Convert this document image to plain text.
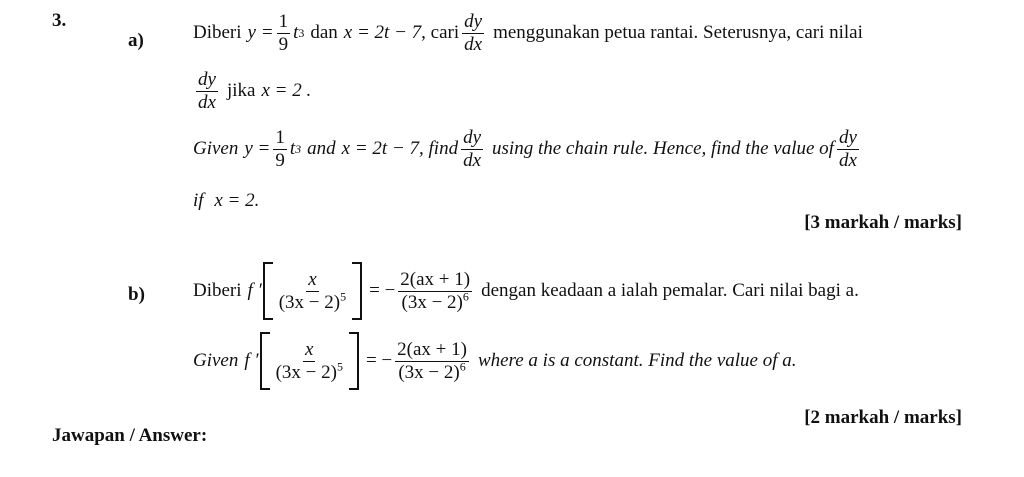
3.
a)	Diberi $y = \frac{1}{9}$ t 3 dan x = 2t − 7 , cari $\frac{dy}{dx}$ menggunakan petua rantai. Seterusnya, cari nilai
$\frac{dy}{dx}$ jika x = 2 .
Given $y = \frac{1}{9}$ t 3 and x = 2t − 7 , find $\frac{dy}{dx}$ using the chain rule. Hence, find the value of $\frac{dy}{dx}$
if x = 2.
[3 markah / marks]
b)	Diberi f ′ $\frac{x}{(3x - 2)^5}$ = − $\frac{2(ax + 1)}{(3x - 2)^6}$ dengan keadaan a ialah pemalar. Cari nilai bagi a.
Given f ′ $\frac{x}{(3x - 2)^5}$ = − $\frac{2(ax + 1)}{(3x - 2)^6}$ where a is a constant. Find the value of a.
[2 markah / marks]
Jawapan / Answer:
